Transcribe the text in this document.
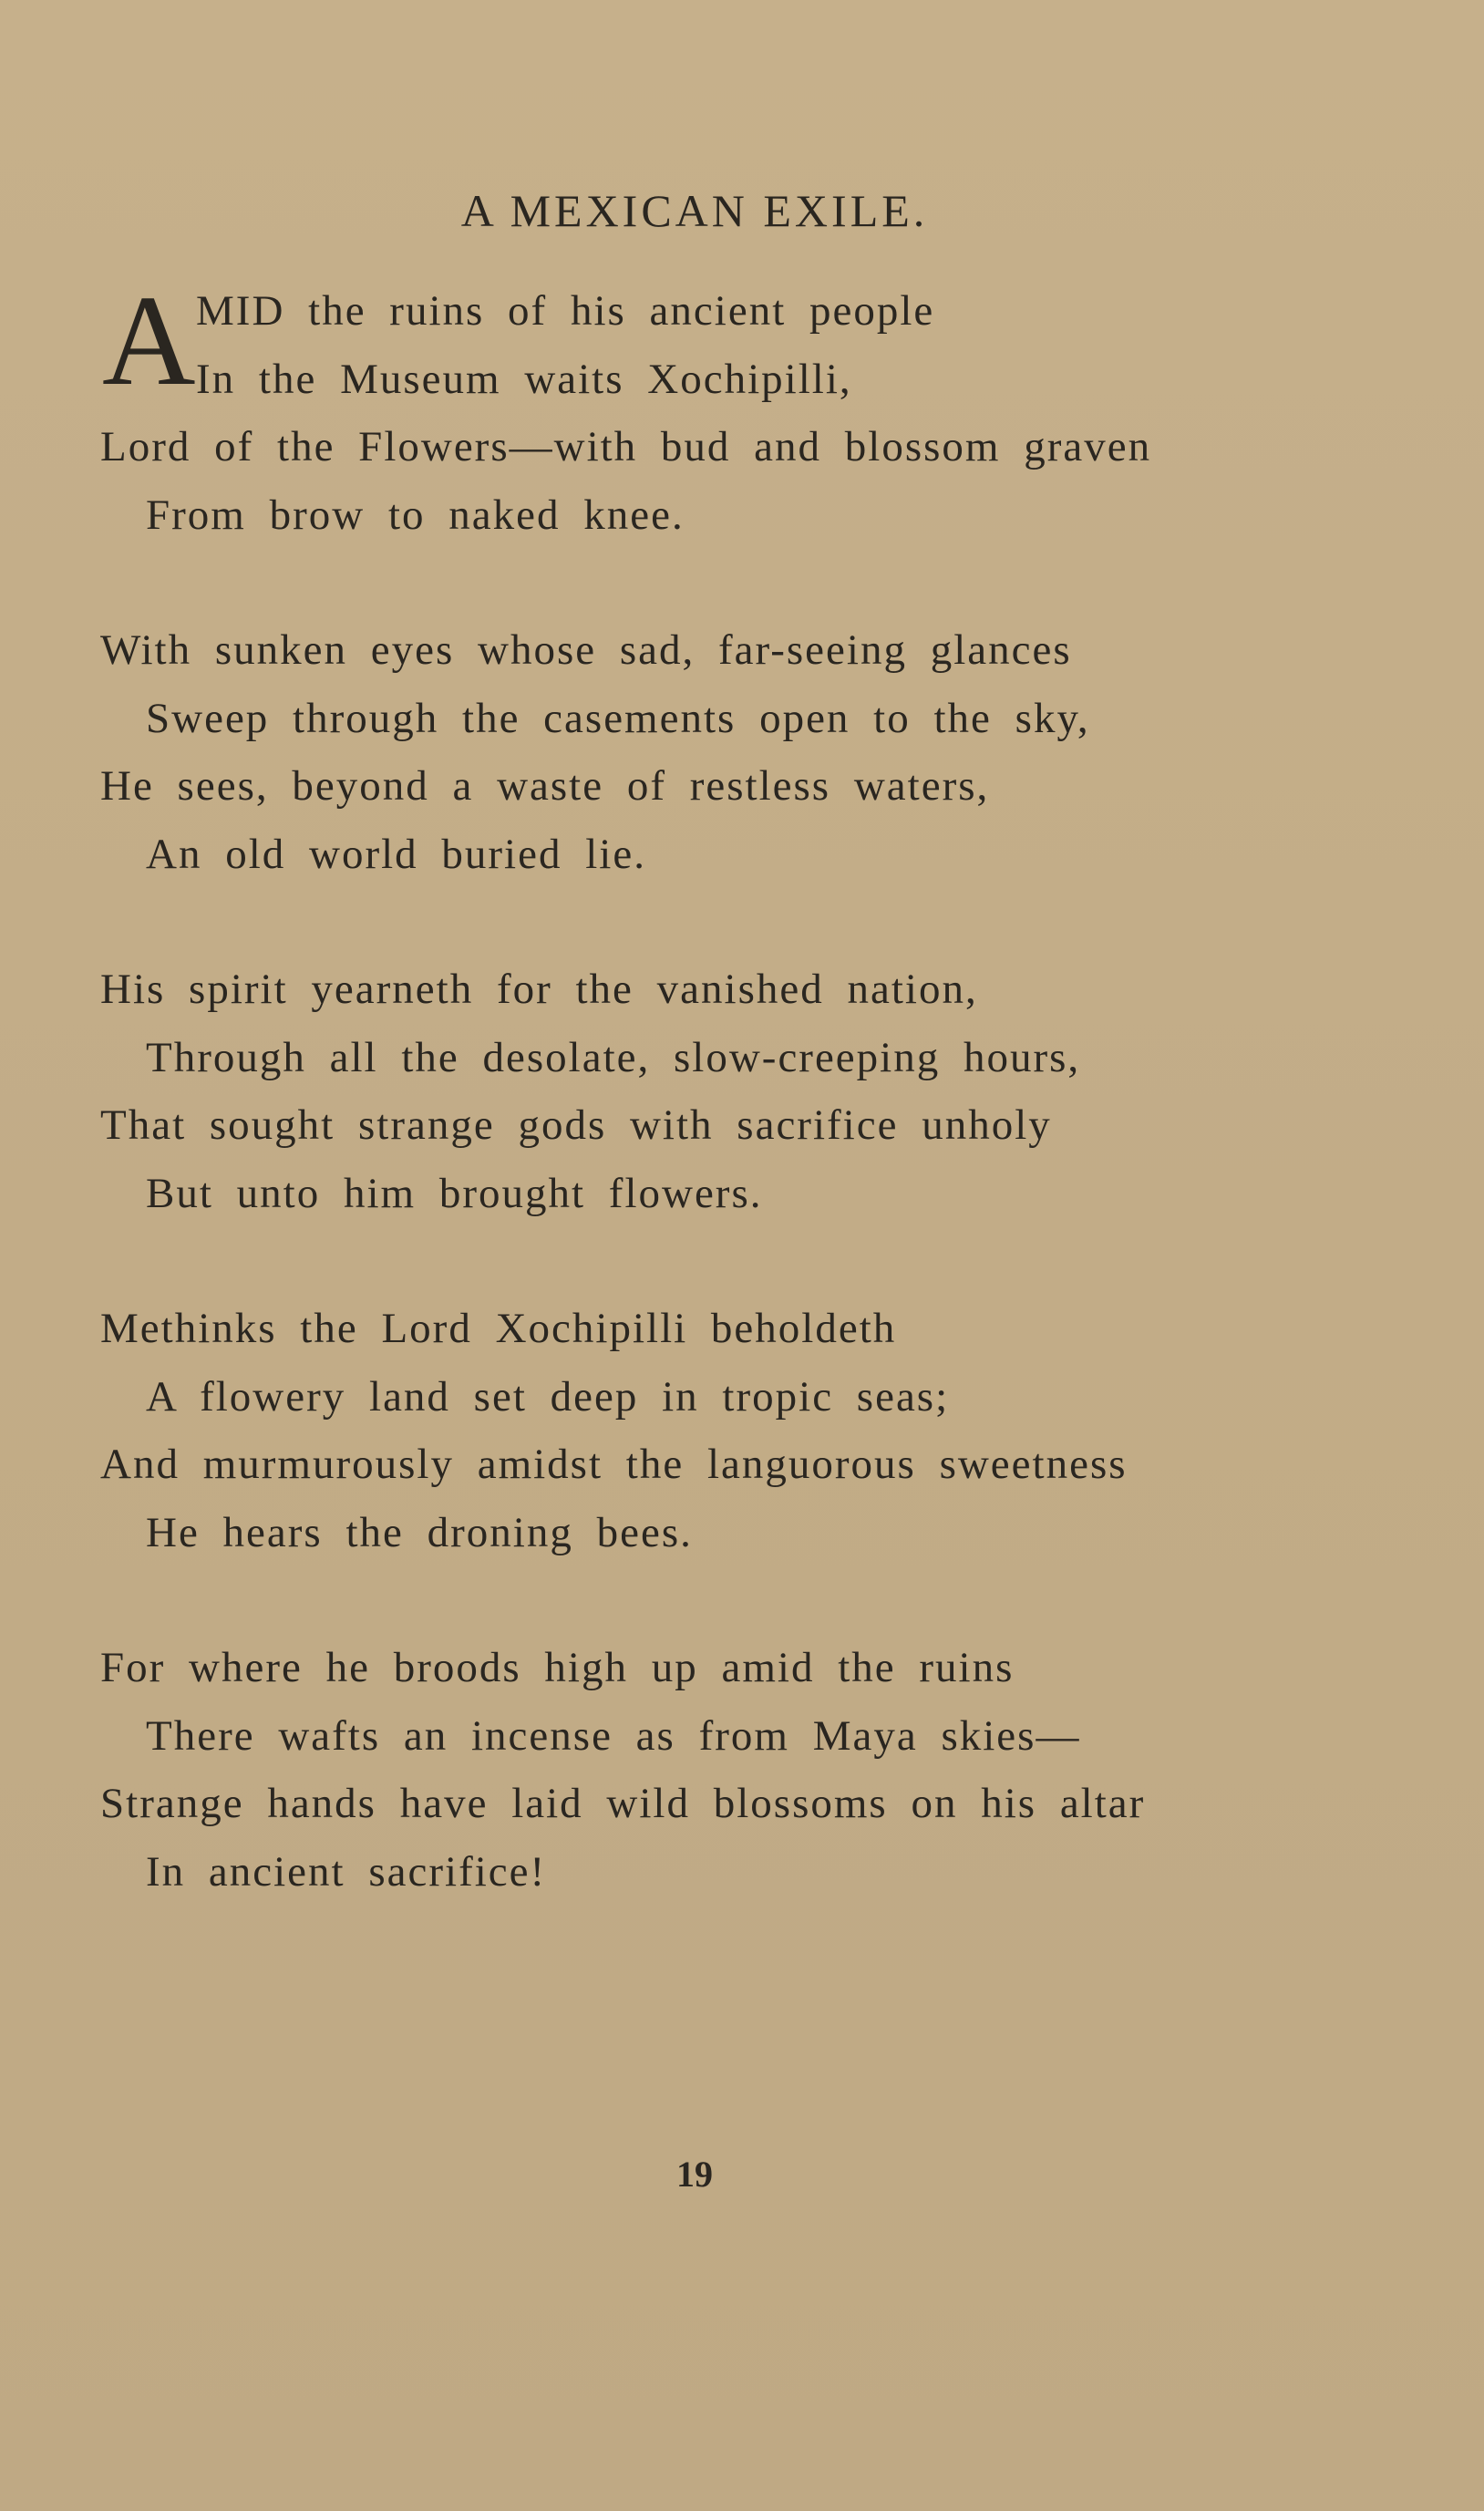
A MEXICAN EXILE.
A MID the ruins of his ancient people
In the Museum waits Xochipilli,
Lord of the Flowers—with bud and blossom graven
From brow to naked knee.
With sunken eyes whose sad, far-seeing glances
Sweep through the casements open to the sky,
He sees, beyond a waste of restless waters,
An old world buried lie.
His spirit yearneth for the vanished nation,
Through all the desolate, slow-creeping hours,
That sought strange gods with sacrifice unholy
But unto him brought flowers.
Methinks the Lord Xochipilli beholdeth
A flowery land set deep in tropic seas;
And murmurously amidst the languorous sweetness
He hears the droning bees.
For where he broods high up amid the ruins
There wafts an incense as from Maya skies—
Strange hands have laid wild blossoms on his altar
In ancient sacrifice!
19
